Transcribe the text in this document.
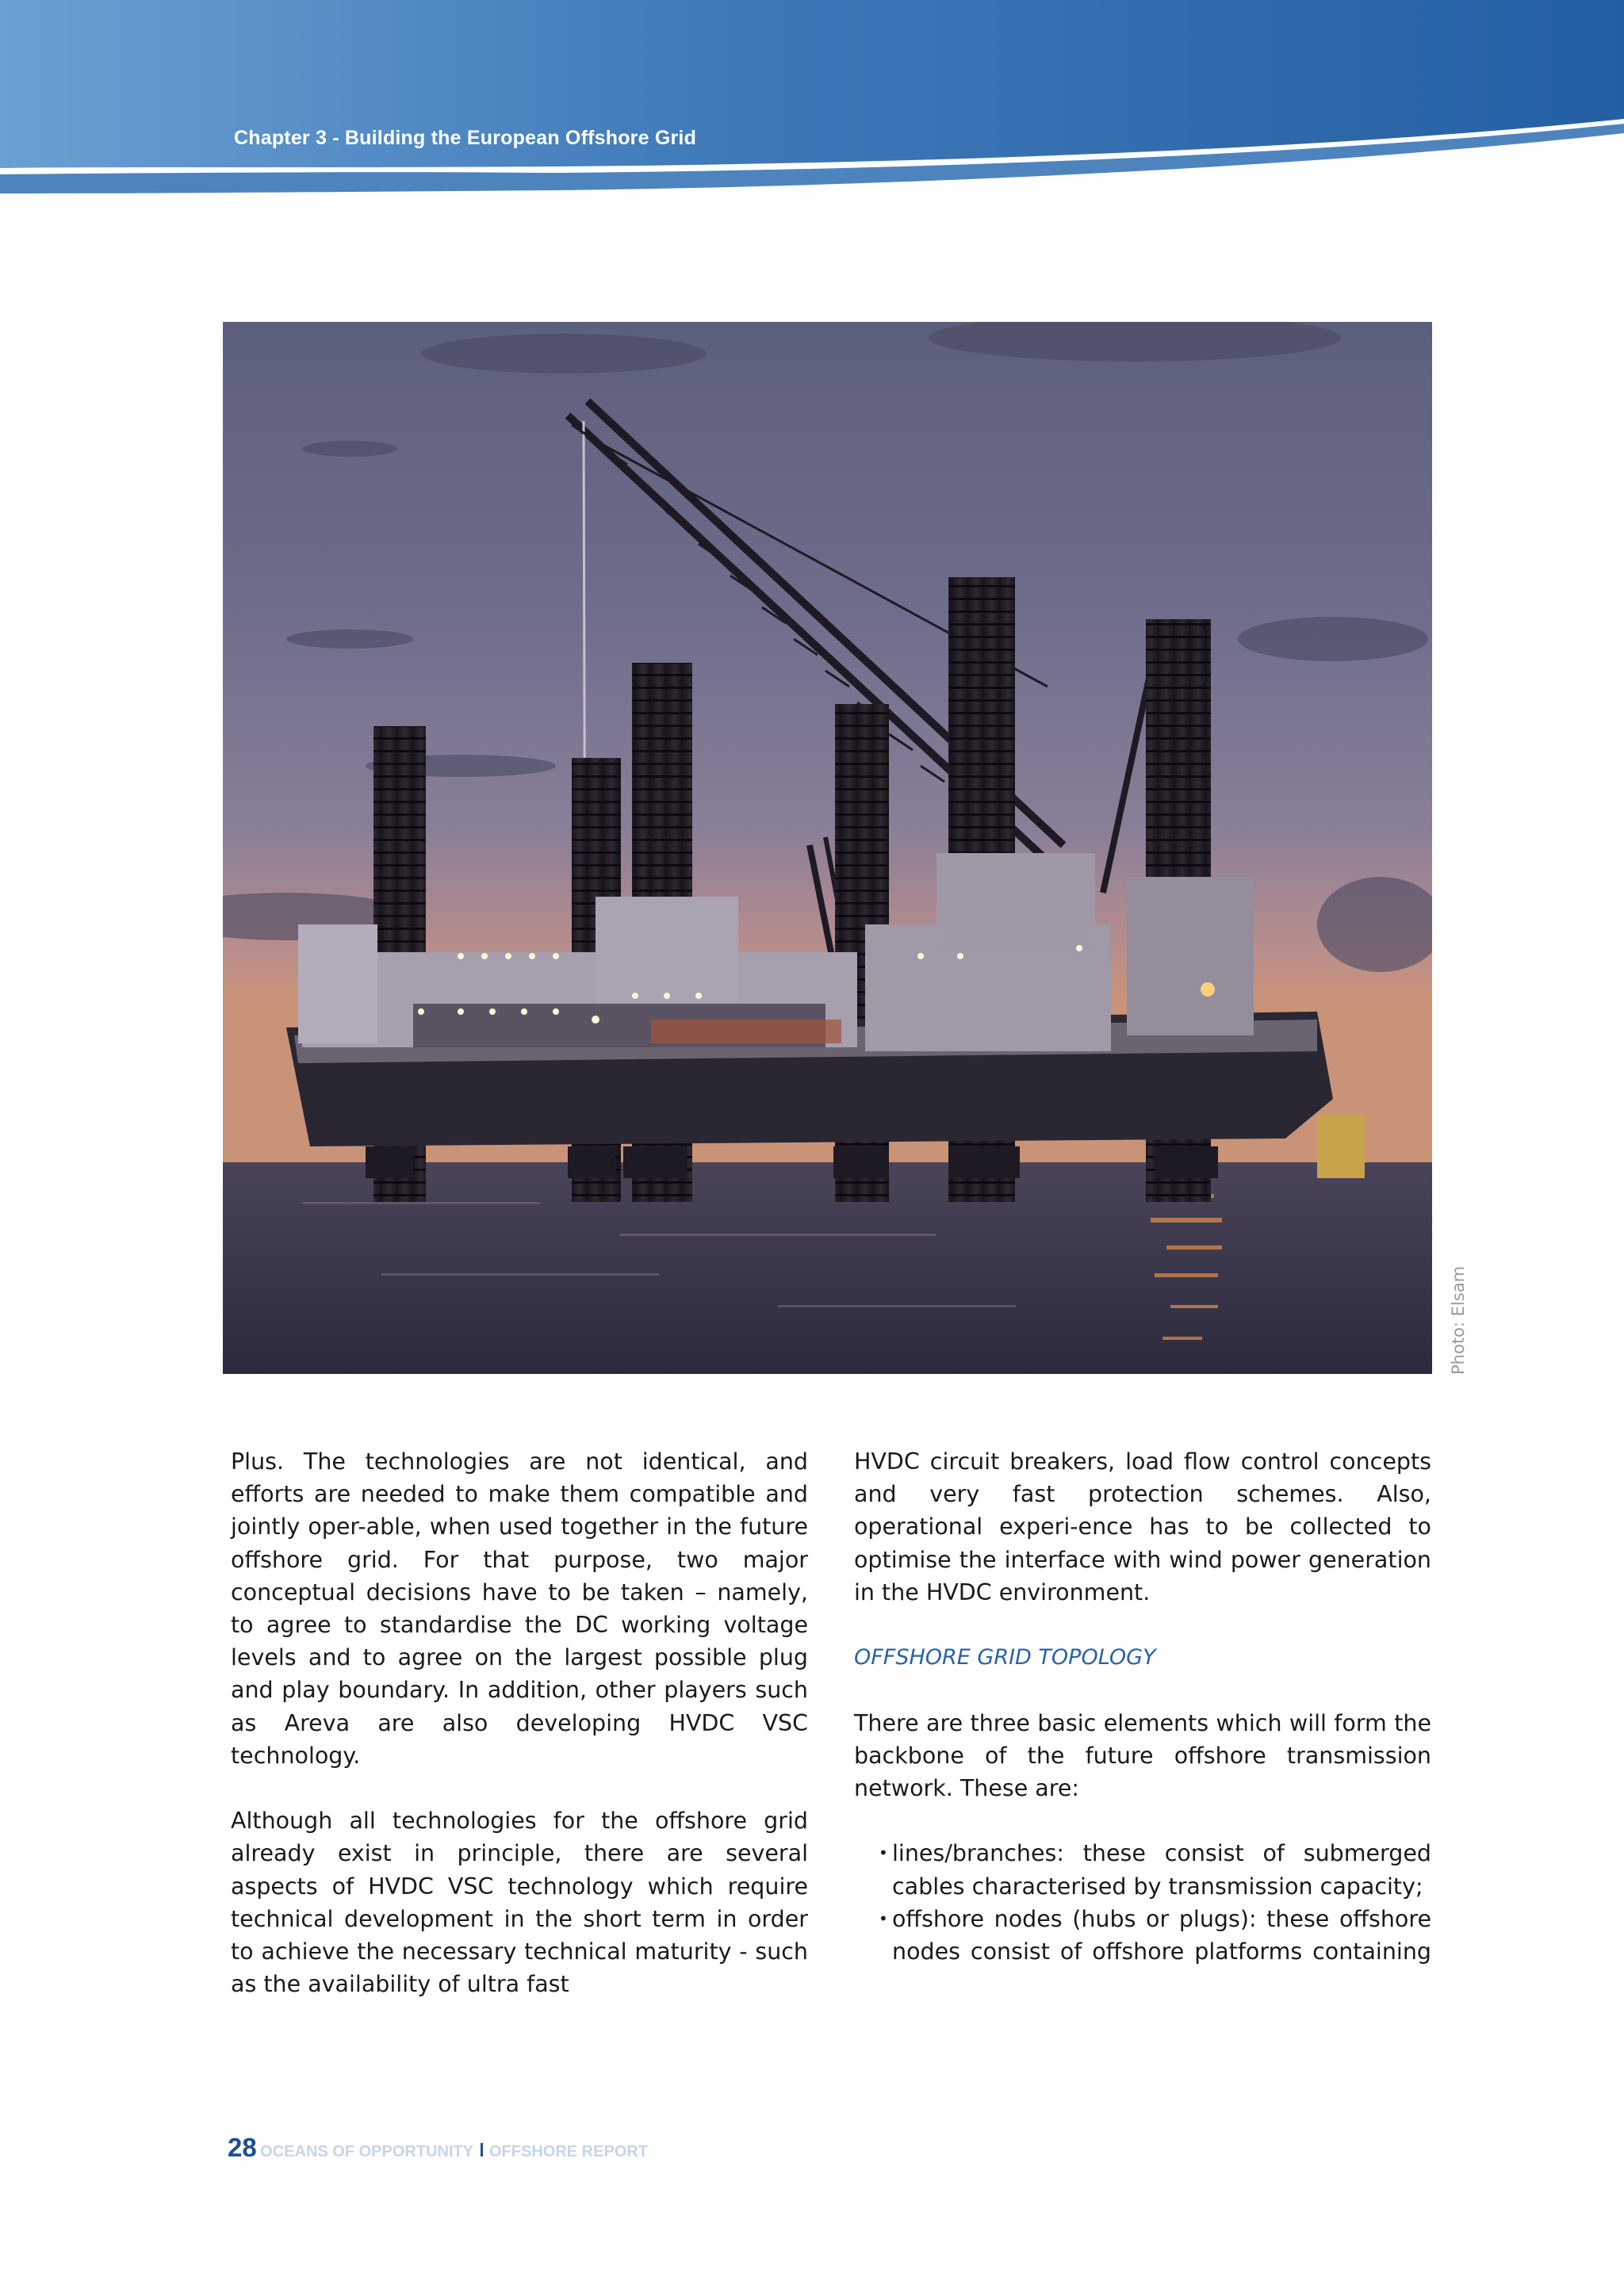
Chapter 3 - Building the European Offshore Grid
Photo: Elsam

Plus. The technologies are not identical, and efforts are needed to make them compatible and jointly oper-able, when used together in the future offshore grid. For that purpose, two major conceptual decisions have to be taken – namely, to agree to standardise the DC working voltage levels and to agree on the largest possible plug and play boundary. In addition, other players such as Areva are also developing HVDC VSC technology.

Although all technologies for the offshore grid already exist in principle, there are several aspects of HVDC VSC technology which require technical development in the short term in order to achieve the necessary technical maturity - such as the availability of ultra fast

HVDC circuit breakers, load flow control concepts and very fast protection schemes. Also, operational experi-ence has to be collected to optimise the interface with wind power generation in the HVDC environment.

OFFSHORE GRID TOPOLOGY

There are three basic elements which will form the backbone of the future offshore transmission network. These are:

• lines/branches: these consist of submerged cables characterised by transmission capacity;
• offshore nodes (hubs or plugs): these offshore nodes consist of offshore platforms containing
28 OCEANS OF OPPORTUNITY OFFSHORE REPORT
